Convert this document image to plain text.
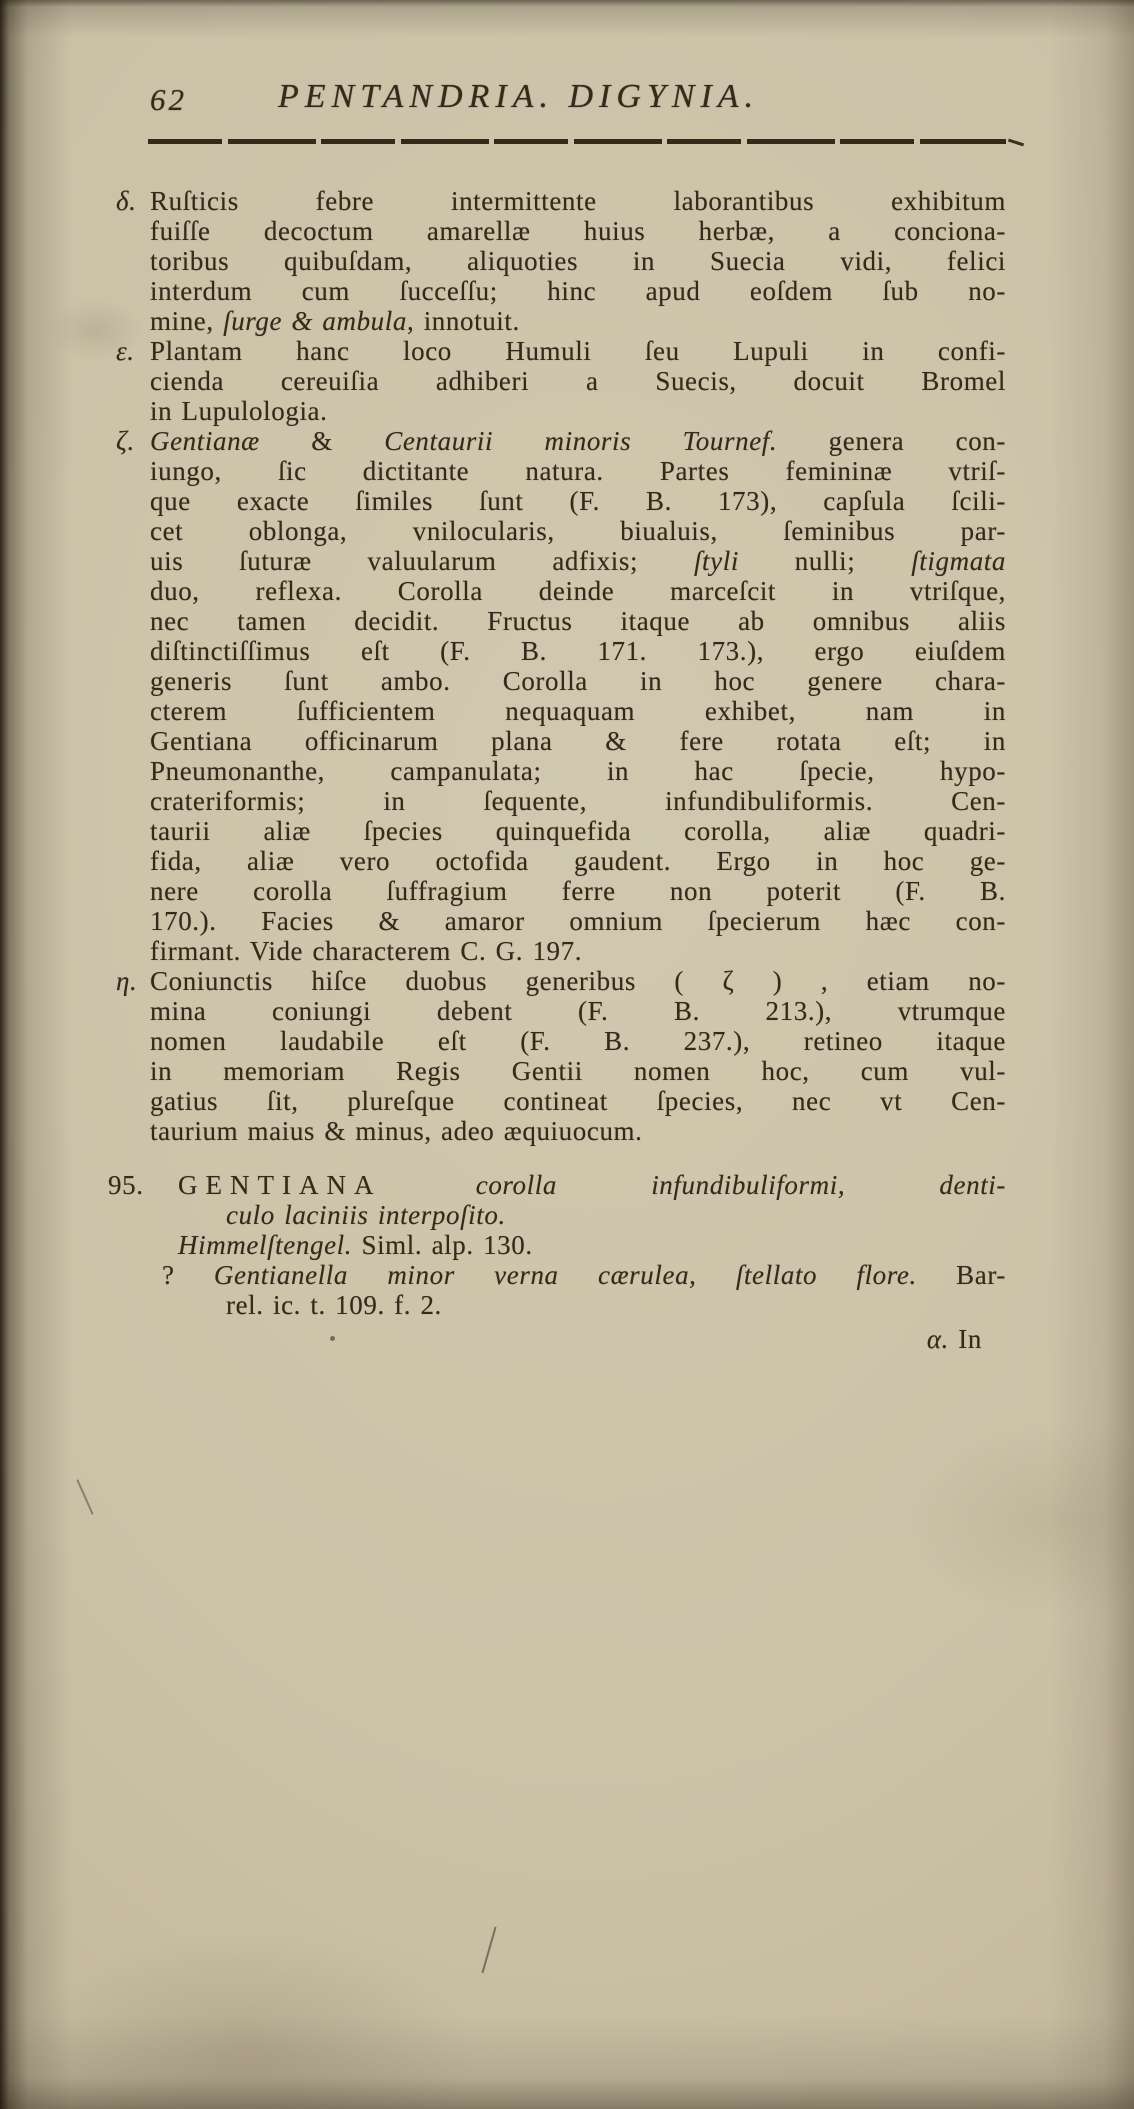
62	PENTANDRIA. DIGYNIA.
δ. Ruſticis febre intermittente laborantibus exhibitum
fuiſſe decoctum amarellæ huius herbæ, a conciona-
toribus quibuſdam, aliquoties in Suecia vidi, felici
interdum cum ſucceſſu; hinc apud eoſdem ſub no-
mine, ſurge & ambula, innotuit.
ε. Plantam hanc loco Humuli ſeu Lupuli in confi-
cienda cereuiſia adhiberi a Suecis, docuit Bromel
in Lupulologia.
ζ. Gentianæ & Centaurii minoris Tournef. genera con-
iungo, ſic dictitante natura. Partes femininæ vtriſ-
que exacte ſimiles ſunt (F. B. 173), capſula ſcili-
cet oblonga, vnilocularis, biualuis, ſeminibus par-
uis ſuturæ valuularum adfixis; ſtyli nulli; ſtigmata
duo, reflexa. Corolla deinde marceſcit in vtriſque,
nec tamen decidit. Fructus itaque ab omnibus aliis
diſtinctiſſimus eſt (F. B. 171. 173.), ergo eiuſdem
generis ſunt ambo. Corolla in hoc genere chara-
cterem ſufficientem nequaquam exhibet, nam in
Gentiana officinarum plana & fere rotata eſt; in
Pneumonanthe, campanulata; in hac ſpecie, hypo-
crateriformis; in ſequente, infundibuliformis. Cen-
taurii aliæ ſpecies quinquefida corolla, aliæ quadri-
fida, aliæ vero octofida gaudent. Ergo in hoc ge-
nere corolla ſuffragium ferre non poterit (F. B.
170.). Facies & amaror omnium ſpecierum hæc con-
firmant. Vide characterem C. G. 197.
η. Coniunctis hiſce duobus generibus ( ζ ) , etiam no-
mina coniungi debent (F. B. 213.), vtrumque
nomen laudabile eſt (F. B. 237.), retineo itaque
in memoriam Regis Gentii nomen hoc, cum vul-
gatius ſit, plureſque contineat ſpecies, nec vt Cen-
taurium maius & minus, adeo æquiuocum.
95.	GENTIANA	corolla infundibuliformi, denti-
culo laciniis interpoſito.
Himmelſtengel. Siml. alp. 130.
? Gentianella minor verna cærulea, ſtellato flore. Bar-
rel. ic. t. 109. f. 2.
α. In
